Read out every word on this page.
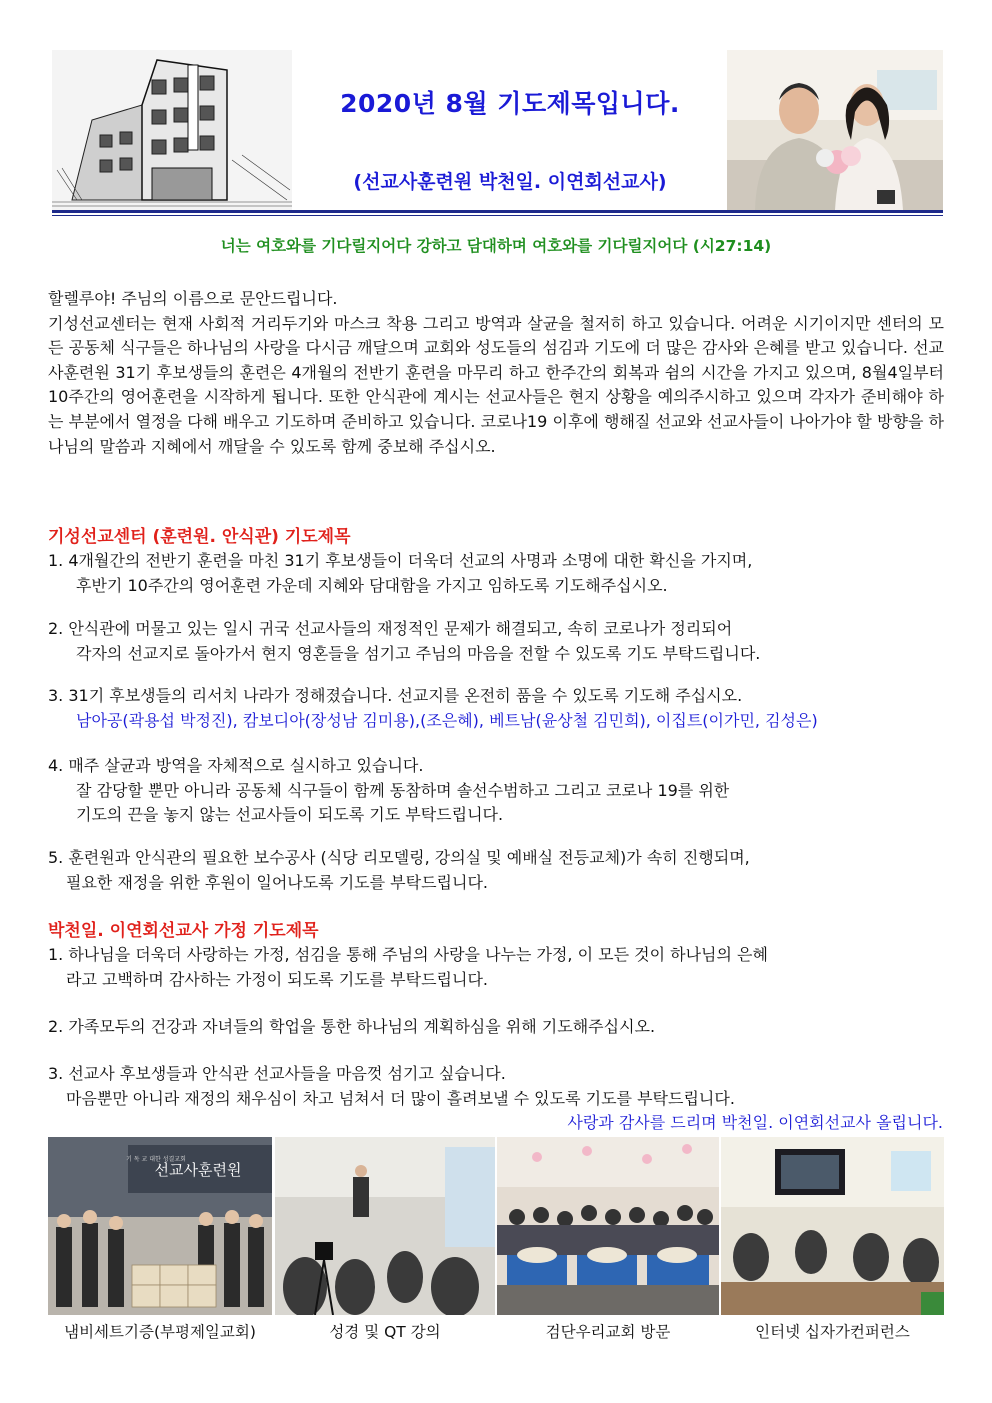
2020년 8월 기도제목입니다.
(선교사훈련원 박천일. 이연회선교사)
너는 여호와를 기다릴지어다 강하고 담대하며 여호와를 기다릴지어다 (시27:14)

할렐루야! 주님의 이름으로 문안드립니다.

기성선교센터는 현재 사회적 거리두기와 마스크 착용 그리고 방역과 살균을 철저히 하고 있습니다. 어려운 시기이지만 센터의 모든 공동체 식구들은 하나님의 사랑을 다시금 깨달으며 교회와 성도들의 섬김과 기도에 더 많은 감사와 은혜를 받고 있습니다. 선교사훈련원 31기 후보생들의 훈련은 4개월의 전반기 훈련을 마무리 하고 한주간의 회복과 쉼의 시간을 가지고 있으며, 8월4일부터 10주간의 영어훈련을 시작하게 됩니다. 또한 안식관에 계시는 선교사들은 현지 상황을 예의주시하고 있으며 각자가 준비해야 하는 부분에서 열정을 다해 배우고 기도하며 준비하고 있습니다. 코로나19 이후에 행해질 선교와 선교사들이 나아가야 할 방향을 하나님의 말씀과 지혜에서 깨달을 수 있도록 함께 중보해 주십시오.

기성선교센터 (훈련원. 안식관) 기도제목
1. 4개월간의 전반기 훈련을 마친 31기 후보생들이 더욱더 선교의 사명과 소명에 대한 확신을 가지며,
후반기 10주간의 영어훈련 가운데 지혜와 담대함을 가지고 임하도록 기도해주십시오.
2. 안식관에 머물고 있는 일시 귀국 선교사들의 재정적인 문제가 해결되고, 속히 코로나가 정리되어
각자의 선교지로 돌아가서 현지 영혼들을 섬기고 주님의 마음을 전할 수 있도록 기도 부탁드립니다.
3. 31기 후보생들의 리서치 나라가 정해졌습니다. 선교지를 온전히 품을 수 있도록 기도해 주십시오.
남아공(곽용섭 박정진), 캄보디아(장성남 김미용),(조은혜), 베트남(윤상철 김민희), 이집트(이가민, 김성은)
4. 매주 살균과 방역을 자체적으로 실시하고 있습니다.
잘 감당할 뿐만 아니라 공동체 식구들이 함께 동참하며 솔선수범하고 그리고 코로나 19를 위한
기도의 끈을 놓지 않는 선교사들이 되도록 기도 부탁드립니다.
5. 훈련원과 안식관의 필요한 보수공사 (식당 리모델링, 강의실 및 예배실 전등교체)가 속히 진행되며,
필요한 재정을 위한 후원이 일어나도록 기도를 부탁드립니다.
박천일. 이연회선교사 가정 기도제목
1. 하나님을 더욱더 사랑하는 가정, 섬김을 통해 주님의 사랑을 나누는 가정, 이 모든 것이 하나님의 은혜
라고 고백하며 감사하는 가정이 되도록 기도를 부탁드립니다.
2. 가족모두의 건강과 자녀들의 학업을 통한 하나님의 계획하심을 위해 기도해주십시오.
3. 선교사 후보생들과 안식관 선교사들을 마음껏 섬기고 싶습니다.
마음뿐만 아니라 재정의 채우심이 차고 넘쳐서 더 많이 흘려보낼 수 있도록 기도를 부탁드립니다.
사랑과 감사를 드리며 박천일. 이연회선교사 올립니다.
선교사훈련원
기 독 교 대한 성결교회
냄비세트기증(부평제일교회)	성경 및 QT 강의	검단우리교회 방문	인터넷 십자가컨퍼런스
